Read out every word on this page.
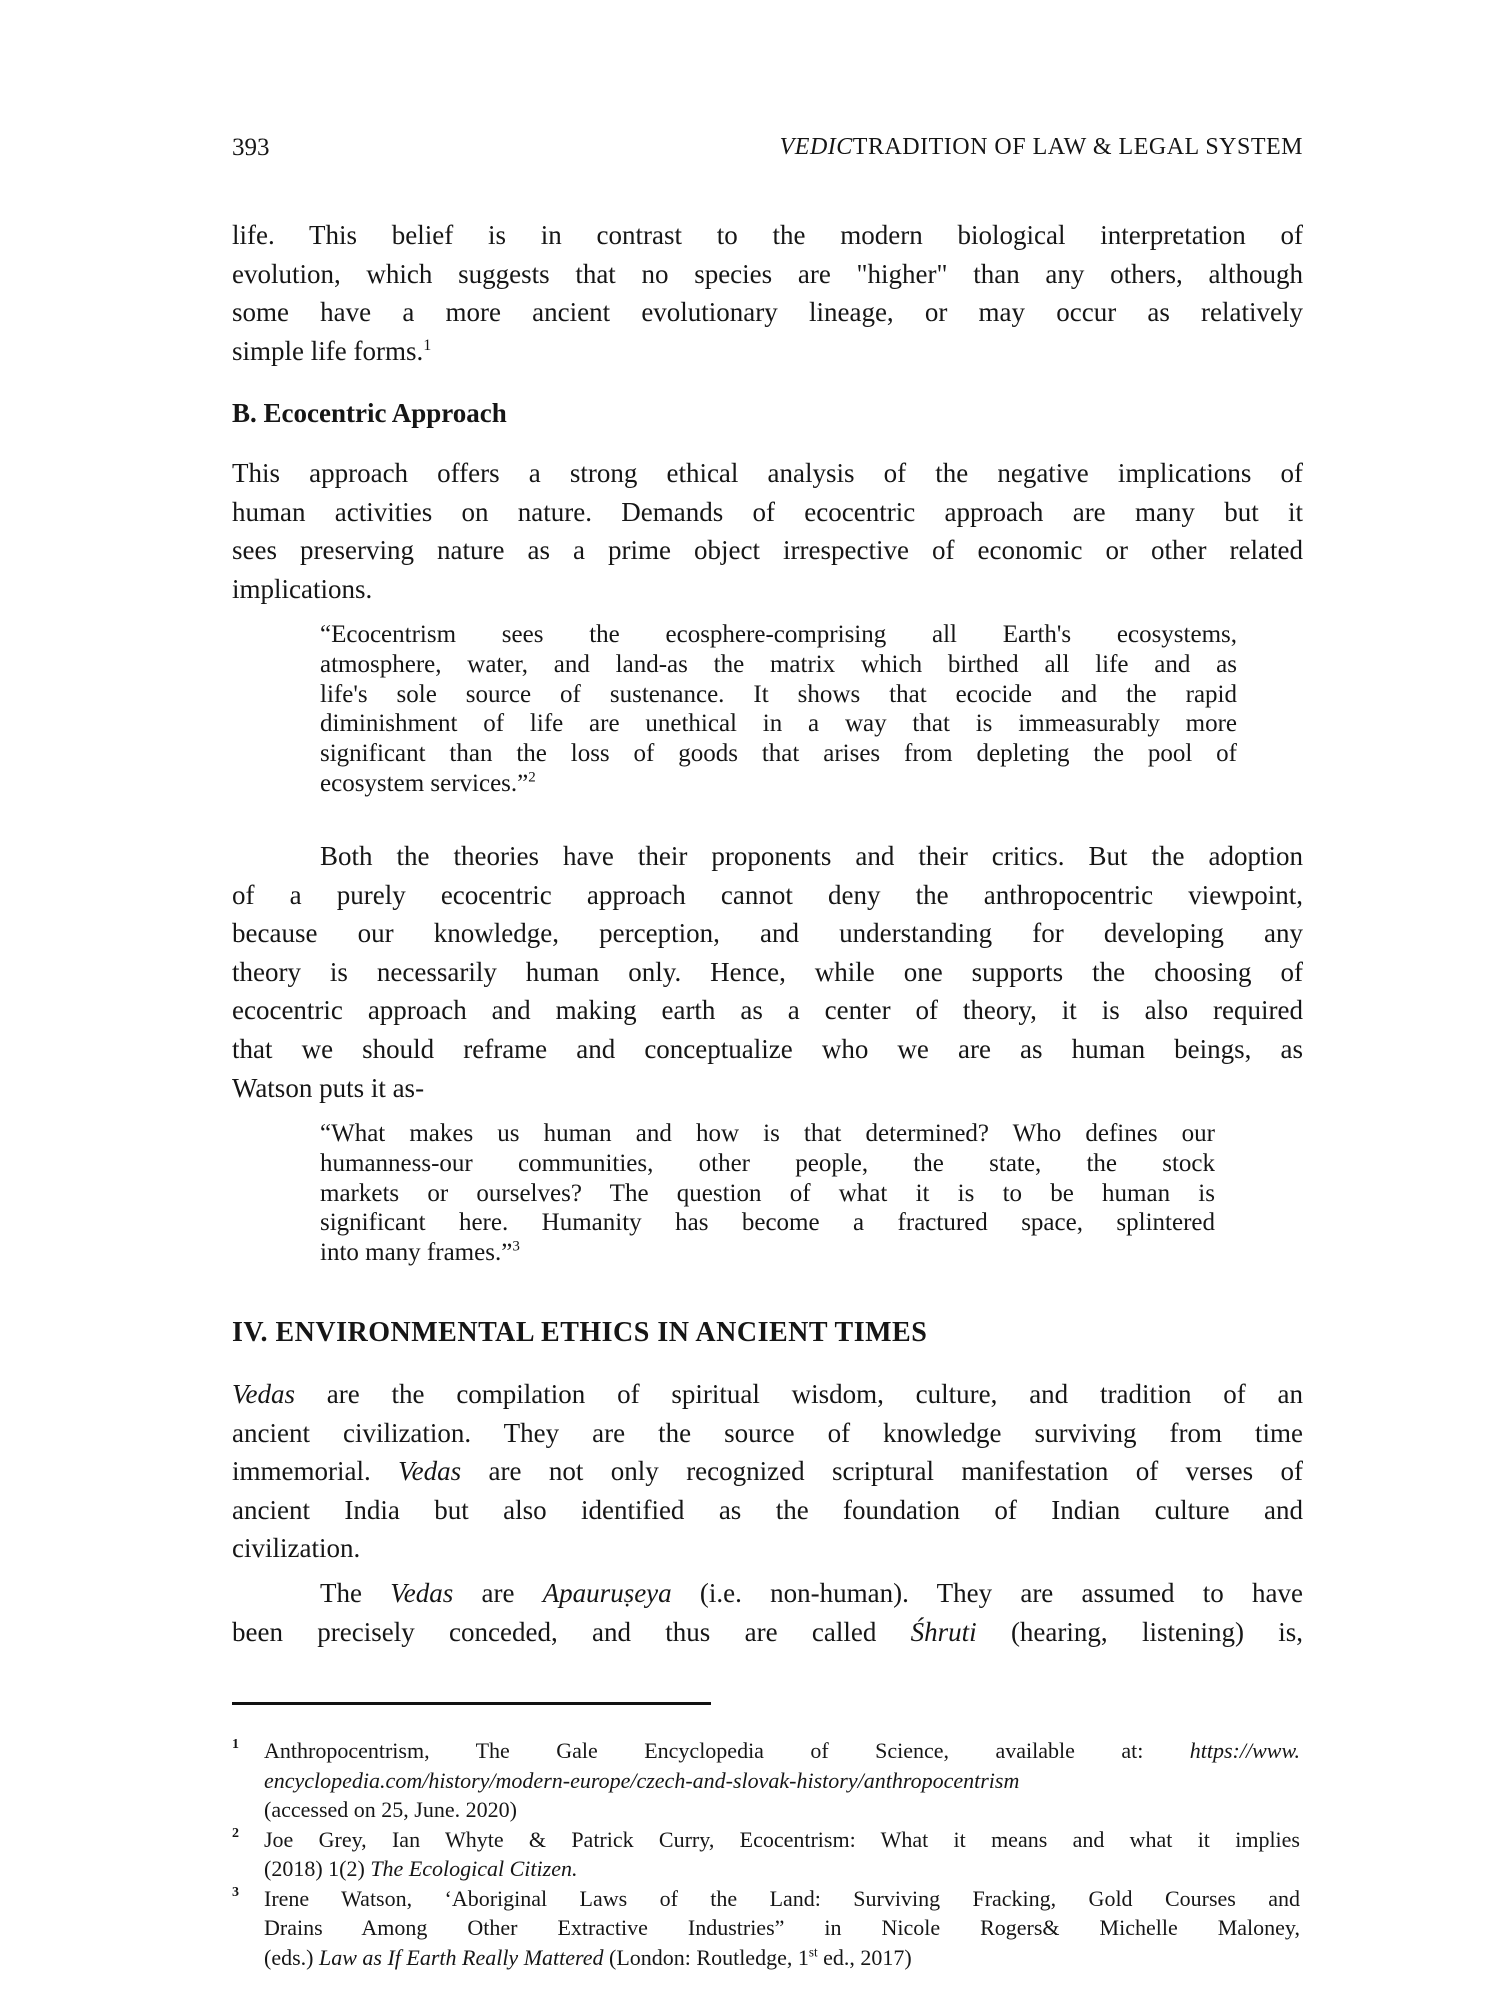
393	VEDICTRADITION OF LAW & LEGAL SYSTEM
life. This belief is in contrast to the modern biological interpretation of
evolution, which suggests that no species are "higher" than any others, although
some have a more ancient evolutionary lineage, or may occur as relatively
simple life forms.$^1$
B. Ecocentric Approach
This approach offers a strong ethical analysis of the negative implications of
human activities on nature. Demands of ecocentric approach are many but it
sees preserving nature as a prime object irrespective of economic or other related
implications.
“Ecocentrism sees the ecosphere-comprising all Earth's ecosystems,
atmosphere, water, and land-as the matrix which birthed all life and as
life's sole source of sustenance. It shows that ecocide and the rapid
diminishment of life are unethical in a way that is immeasurably more
significant than the loss of goods that arises from depleting the pool of
ecosystem services.”$^2$
Both the theories have their proponents and their critics. But the adoption
of a purely ecocentric approach cannot deny the anthropocentric viewpoint,
because our knowledge, perception, and understanding for developing any
theory is necessarily human only. Hence, while one supports the choosing of
ecocentric approach and making earth as a center of theory, it is also required
that we should reframe and conceptualize who we are as human beings, as
Watson puts it as-
“What makes us human and how is that determined? Who defines our
humanness-our communities, other people, the state, the stock
markets or ourselves? The question of what it is to be human is
significant here. Humanity has become a fractured space, splintered
into many frames.”$^3$
IV. ENVIRONMENTAL ETHICS IN ANCIENT TIMES
Vedas are the compilation of spiritual wisdom, culture, and tradition of an
ancient civilization. They are the source of knowledge surviving from time
immemorial. Vedas are not only recognized scriptural manifestation of verses of
ancient India but also identified as the foundation of Indian culture and
civilization.
The Vedas are Apauruṣeya (i.e. non-human). They are assumed to have
been precisely conceded, and thus are called Śhruti (hearing, listening) is,
1 Anthropocentrism, The Gale Encyclopedia of Science, available at: https://www.
encyclopedia.com/history/modern-europe/czech-and-slovak-history/anthropocentrism
(accessed on 25, June. 2020)
2 Joe Grey, Ian Whyte & Patrick Curry, Ecocentrism: What it means and what it implies
(2018) 1(2) The Ecological Citizen.
3 Irene Watson, ‘Aboriginal Laws of the Land: Surviving Fracking, Gold Courses and
Drains Among Other Extractive Industries” in Nicole Rogers& Michelle Maloney,
(eds.) Law as If Earth Really Mattered (London: Routledge, 1st ed., 2017)
